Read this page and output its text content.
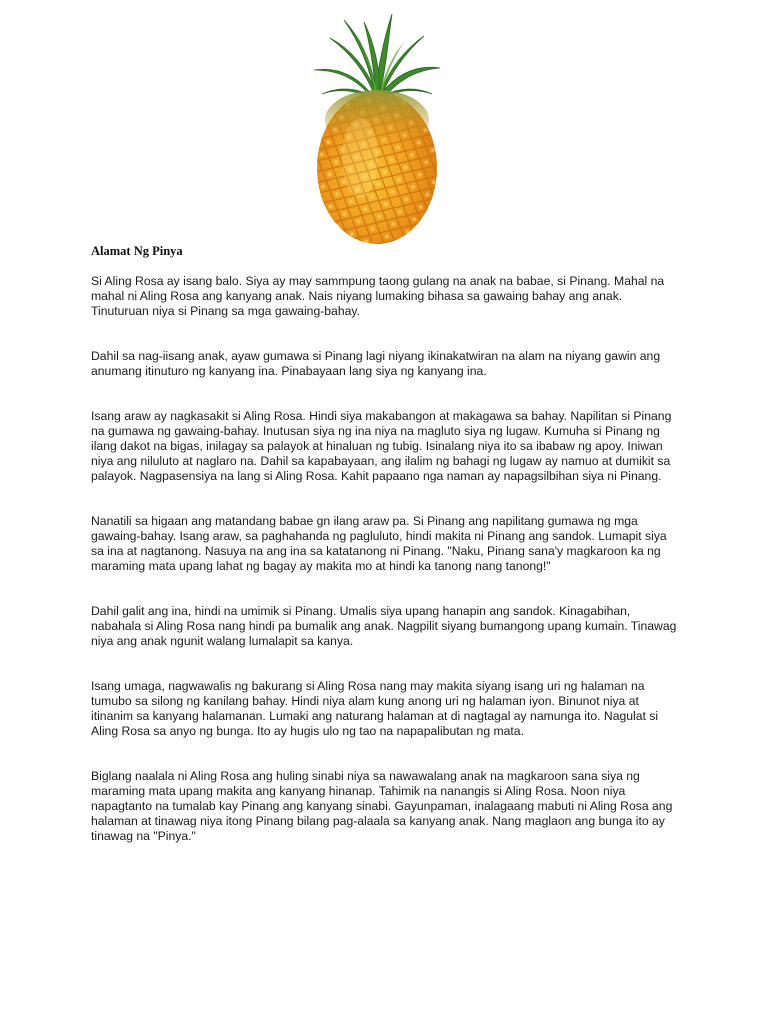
Alamat Ng Pinya

Si Aling Rosa ay isang balo. Siya ay may sammpung taong gulang na anak na babae, si Pinang. Mahal na mahal ni Aling Rosa ang kanyang anak. Nais niyang lumaking bihasa sa gawaing bahay ang anak. Tinuturuan niya si Pinang sa mga gawaing-bahay.

Dahil sa nag-iisang anak, ayaw gumawa si Pinang lagi niyang ikinakatwiran na alam na niyang gawin ang anumang itinuturo ng kanyang ina. Pinabayaan lang siya ng kanyang ina.

Isang araw ay nagkasakit si Aling Rosa. Hindi siya makabangon at makagawa sa bahay. Napilitan si Pinang na gumawa ng gawaing-bahay. Inutusan siya ng ina niya na magluto siya ng lugaw. Kumuha si Pinang ng ilang dakot na bigas, inilagay sa palayok at hinaluan ng tubig. Isinalang niya ito sa ibabaw ng apoy. Iniwan niya ang niluluto at naglaro na. Dahil sa kapabayaan, ang ilalim ng bahagi ng lugaw ay namuo at dumikit sa palayok. Nagpasensiya na lang si Aling Rosa. Kahit papaano nga naman ay napagsilbihan siya ni Pinang.

Nanatili sa higaan ang matandang babae gn ilang araw pa. Si Pinang ang napilitang gumawa ng mga gawaing-bahay. Isang araw, sa paghahanda ng pagluluto, hindi makita ni Pinang ang sandok. Lumapit siya sa ina at nagtanong. Nasuya na ang ina sa katatanong ni Pinang. "Naku, Pinang sana'y magkaroon ka ng maraming mata upang lahat ng bagay ay makita mo at hindi ka tanong nang tanong!"

Dahil galit ang ina, hindi na umimik si Pinang. Umalis siya upang hanapin ang sandok. Kinagabihan, nabahala si Aling Rosa nang hindi pa bumalik ang anak. Nagpilit siyang bumangong upang kumain. Tinawag niya ang anak ngunit walang lumalapit sa kanya.

Isang umaga, nagwawalis ng bakurang si Aling Rosa nang may makita siyang isang uri ng halaman na tumubo sa silong ng kanilang bahay. Hindi niya alam kung anong uri ng halaman iyon. Binunot niya at itinanim sa kanyang halamanan. Lumaki ang naturang halaman at di nagtagal ay namunga ito. Nagulat si Aling Rosa sa anyo ng bunga. Ito ay hugis ulo ng tao na napapalibutan ng mata.

Biglang naalala ni Aling Rosa ang huling sinabi niya sa nawawalang anak na magkaroon sana siya ng maraming mata upang makita ang kanyang hinanap. Tahimik na nanangis si Aling Rosa. Noon niya napagtanto na tumalab kay Pinang ang kanyang sinabi. Gayunpaman, inalagaang mabuti ni Aling Rosa ang halaman at tinawag niya itong Pinang bilang pag-alaala sa kanyang anak. Nang maglaon ang bunga ito ay tinawag na "Pinya."
